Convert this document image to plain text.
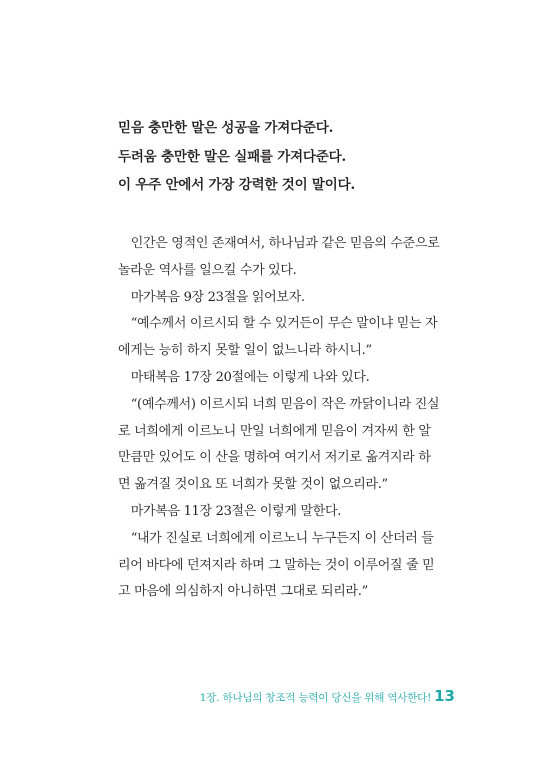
믿음 충만한 말은 성공을 가져다준다.
두려움 충만한 말은 실패를 가져다준다.
이 우주 안에서 가장 강력한 것이 말이다.
　인간은 영적인 존재여서, 하나님과 같은 믿음의 수준으로
놀라운 역사를 일으킬 수가 있다.
　마가복음 9장 23절을 읽어보자.
　“예수께서 이르시되 할 수 있거든이 무슨 말이냐 믿는 자
에게는 능히 하지 못할 일이 없느니라 하시니.”
　마태복음 17장 20절에는 이렇게 나와 있다.
　“(예수께서) 이르시되 너희 믿음이 작은 까닭이니라 진실
로 너희에게 이르노니 만일 너희에게 믿음이 겨자씨 한 알
만큼만 있어도 이 산을 명하여 여기서 저기로 옮겨지라 하
면 옮겨질 것이요 또 너희가 못할 것이 없으리라.”
　마가복음 11장 23절은 이렇게 말한다.
　“내가 진실로 너희에게 이르노니 누구든지 이 산더러 들
리어 바다에 던져지라 하며 그 말하는 것이 이루어질 줄 믿
고 마음에 의심하지 아니하면 그대로 되리라.”
1장. 하나님의 창조적 능력이 당신을 위해 역사한다! 13
